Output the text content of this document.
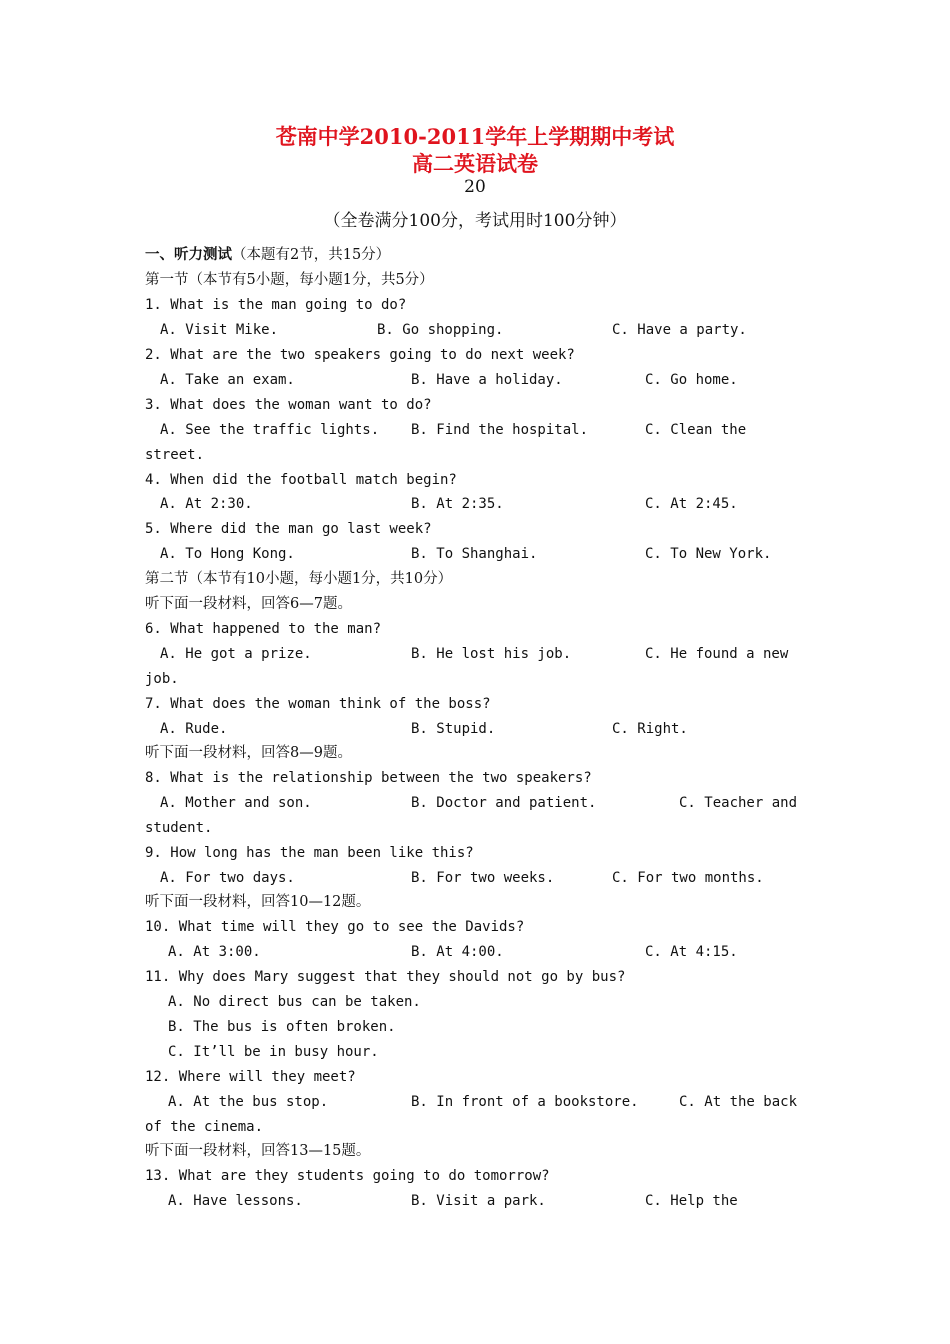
苍南中学2010-2011学年上学期期中考试
高二英语试卷
20
（全卷满分100分，考试用时100分钟）
一、听力测试（本题有2节，共15分）
第一节（本节有5小题，每小题1分，共5分）
1. What is the man going to do?
A. Visit Mike.	B. Go shopping.	C. Have a party.
2. What are the two speakers going to do next week?
A. Take an exam.	B. Have a holiday.	C. Go home.
3. What does the woman want to do?
A. See the traffic lights. B. Find the hospital.	C. Clean the
street.
4. When did the football match begin?
A. At 2:30.	B. At 2:35.	C. At 2:45.
5. Where did the man go last week?
A. To Hong Kong.	B. To Shanghai.	C. To New York.
第二节（本节有10小题，每小题1分，共10分）
听下面一段材料，回答6—7题。
6. What happened to the man?
A. He got a prize.	B. He lost his job.	C. He found a new
job.
7. What does the woman think of the boss?
A. Rude.	B. Stupid.	C. Right.
听下面一段材料，回答8—9题。
8. What is the relationship between the two speakers?
A. Mother and son.	B. Doctor and patient.	C. Teacher and
student.
9. How long has the man been like this?
A. For two days.	B. For two weeks.	C. For two months.
听下面一段材料，回答10—12题。
10. What time will they go to see the Davids?
A. At 3:00.	B. At 4:00.	C. At 4:15.
11. Why does Mary suggest that they should not go by bus?
A. No direct bus can be taken.
B. The bus is often broken.
C. It’ll be in busy hour.
12. Where will they meet?
A. At the bus stop.	B. In front of a bookstore.	C. At the back
of the cinema.
听下面一段材料，回答13—15题。
13. What are they students going to do tomorrow?
A. Have lessons.	B. Visit a park.	C. Help the
